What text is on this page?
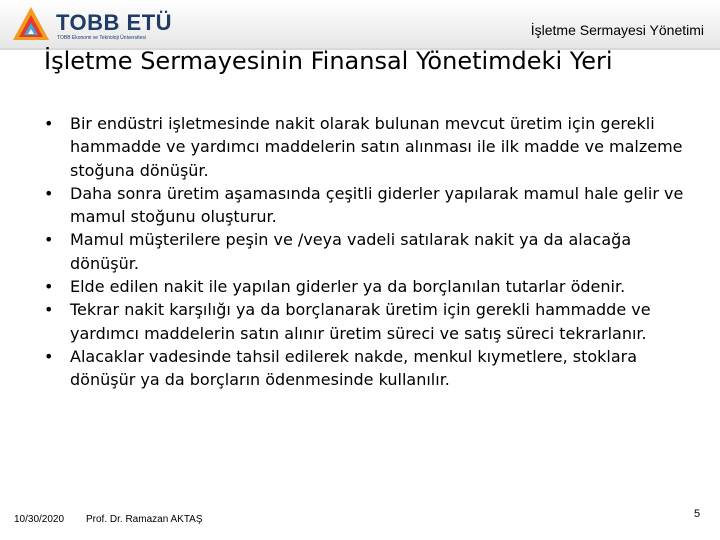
TOBB ETÜ
TOBB Ekonomi ve Teknoloji Üniversitesi	İşletme Sermayesi Yönetimi
İşletme Sermayesinin Finansal Yönetimdeki Yeri
• Bir endüstri işletmesinde nakit olarak bulunan mevcut üretim için gerekli hammadde ve yardımcı maddelerin satın alınması ile ilk madde ve malzeme stoğuna dönüşür.
• Daha sonra üretim aşamasında çeşitli giderler yapılarak mamul hale gelir ve mamul stoğunu oluşturur.
• Mamul müşterilere peşin ve /veya vadeli satılarak nakit ya da alacağa dönüşür.
• Elde edilen nakit ile yapılan giderler ya da borçlanılan tutarlar ödenir.
• Tekrar nakit karşılığı ya da borçlanarak üretim için gerekli hammadde ve yardımcı maddelerin satın alınır üretim süreci ve satış süreci tekrarlanır.
• Alacaklar vadesinde tahsil edilerek nakde, menkul kıymetlere, stoklara dönüşür ya da borçların ödenmesinde kullanılır.
10/30/2020 Prof. Dr. Ramazan AKTAŞ	5
